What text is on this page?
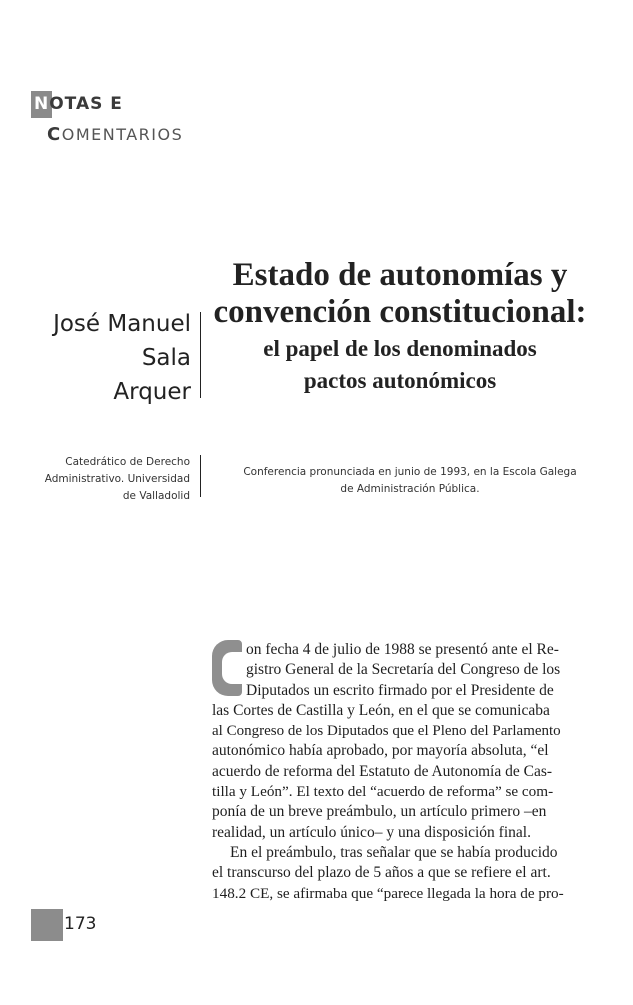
NOTAS E
COMENTARIOS
Estado de autonomías y
convención constitucional:
el papel de los denominados
pactos autonómicos
José Manuel
Sala
Arquer
Catedrático de Derecho
Administrativo. Universidad
de Valladolid
Conferencia pronunciada en junio de 1993, en la Escola Galega
de Administración Pública.
on fecha 4 de julio de 1988 se presentó ante el Re-
gistro General de la Secretaría del Congreso de los
Diputados un escrito firmado por el Presidente de
las Cortes de Castilla y León, en el que se comunicaba
al Congreso de los Diputados que el Pleno del Parlamento
autonómico había aprobado, por mayoría absoluta, “el
acuerdo de reforma del Estatuto de Autonomía de Cas-
tilla y León”. El texto del “acuerdo de reforma” se com-
ponía de un breve preámbulo, un artículo primero –en
realidad, un artículo único– y una disposición final.
En el preámbulo, tras señalar que se había producido
el transcurso del plazo de 5 años a que se refiere el art.
148.2 CE, se afirmaba que “parece llegada la hora de pro-
173
